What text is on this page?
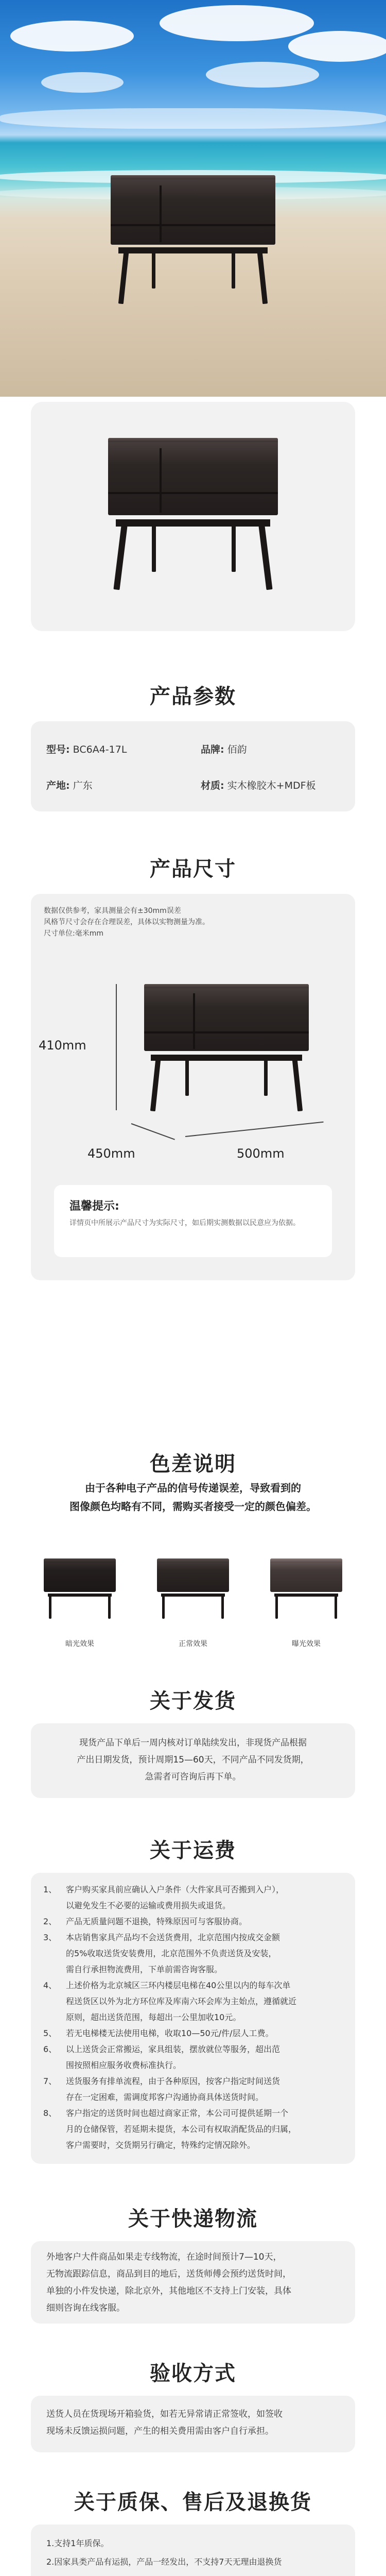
产品参数
型号: BC6A4-17L	品牌: 佰韵
产地: 广东	材质: 实木橡胶木+MDF板
产品尺寸
数据仅供参考，家具测量会有±30mm误差
风格节尺寸会存在合理误差，具体以实物测量为准。
尺寸单位:毫米mm
410mm
450mm	500mm
温馨提示:
详情页中所展示产品尺寸为实际尺寸，如后期实测数据以民意应为依据。
色差说明
由于各种电子产品的信号传递误差，导致看到的
图像颜色均略有不同，需购买者接受一定的颜色偏差。
暗光效果	正常效果	曝光效果
关于发货
现货产品下单后一周内核对订单陆续发出，非现货产品根据
产出日期发货，预计周期15—60天，不同产品不同发货期，
急需者可咨询后再下单。
关于运费
1、 客户购买家具前应确认入户条件（大件家具可否搬到入户），
以避免发生不必要的运输或费用损失或退货。
2、 产品无质量问题不退换，特殊原因可与客服协商。
3、 本店销售家具产品均不会送货费用，北京范围内按成交金额
的5%收取送货安装费用，北京范围外不负责送货及安装，
需自行承担物流费用，下单前需咨询客服。
4、 上述价格为北京城区三环内楼层电梯在40公里以内的每车次单
程送货区以外为北方环位库及库南六环会库为主始点，遵循就近
原则，超出送货范围，每超出一公里加收10元。
5、 若无电梯楼无法使用电梯，收取10—50元/件/层人工费。
6、 以上送货会正常搬运，家具组装，摆放就位等服务，超出范
围按照相应服务收费标准执行。
7、 送货服务有排单流程，由于各种原因，按客户指定时间送货
存在一定困难，需调度邦客户沟通协商具体送货时间。
8、 客户指定的送货时间也超过商家正常，本公司可提供延期一个
月的仓储保管，若延期未提货，本公司有权取消配货品的归属，
客户需要时，交货期另行确定，特殊约定情况除外。
关于快递物流
外地客户大件商品如果走专线物流，在途时间预计7—10天，
无物流跟踪信息，商品到目的地后，送货师傅会预约送货时间，
单独的小件发快递，除北京外，其他地区不支持上门安装，具体
细则咨询在线客服。
验收方式
送货人员在货现场开箱验货，如若无异常请正常签收，如签收
现场未反馈运损问题，产生的相关费用需由客户自行承担。
关于质保、售后及退换货
1.支持1年质保。
2.因家具类产品有运损，产品一经发出，不支持7天无理由退换货
